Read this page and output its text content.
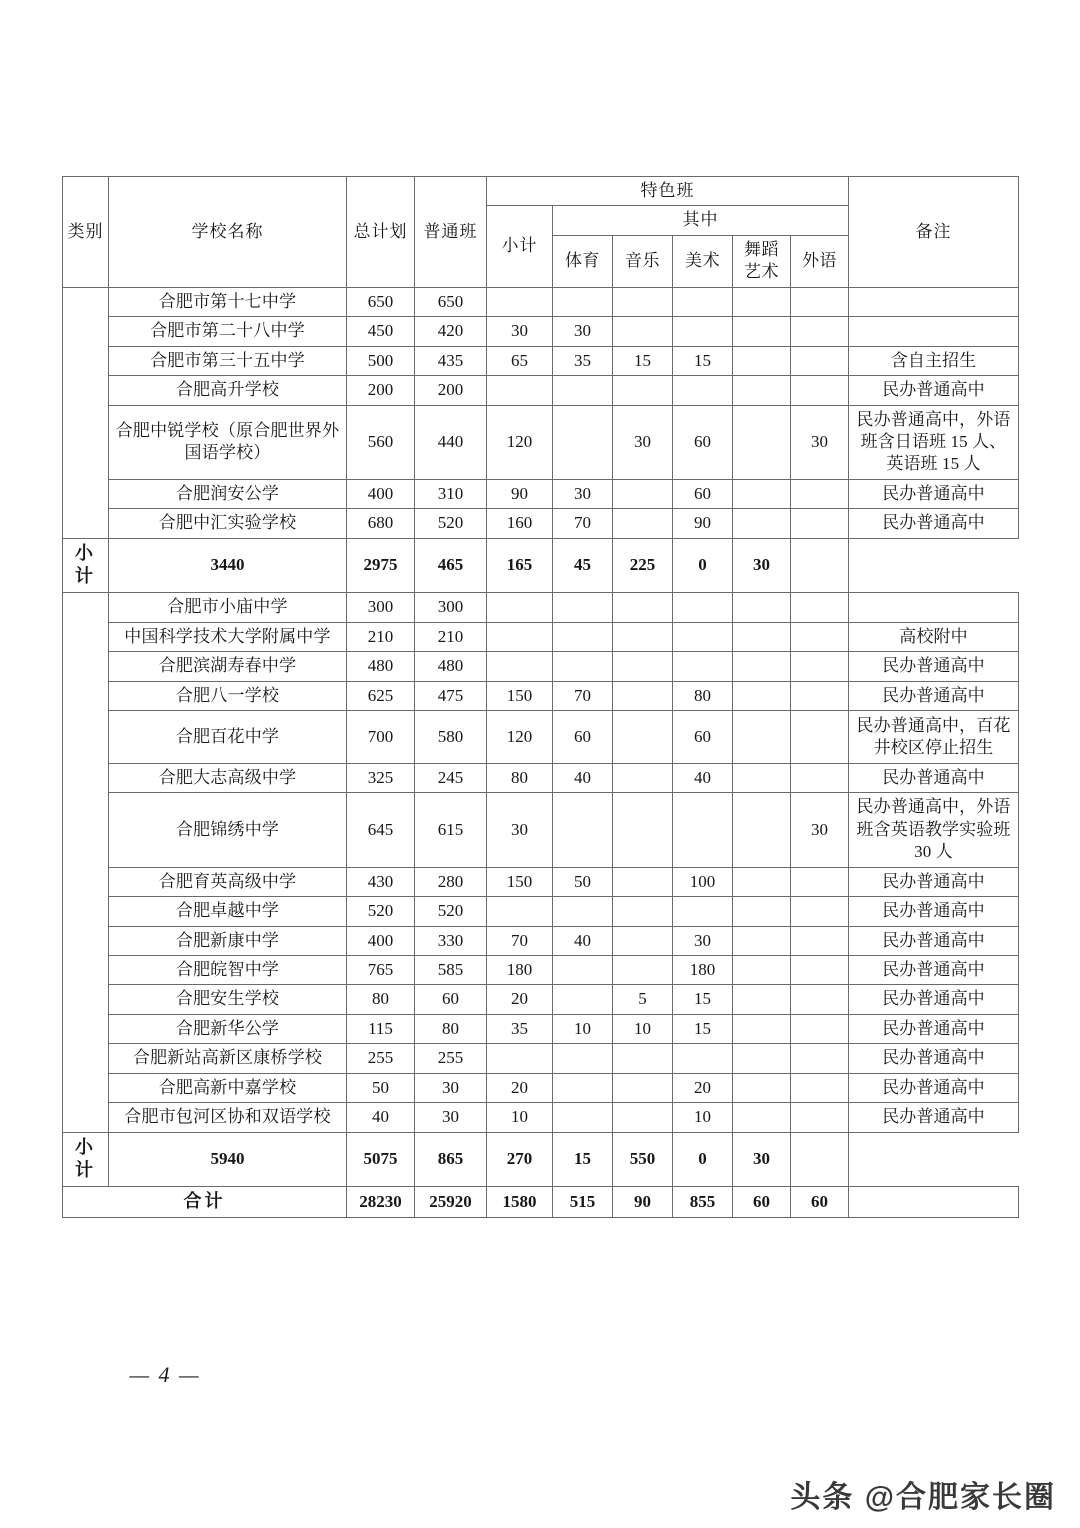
类别	学校名称	总计划	普通班	特色班						备注
				小计	其中					
					体育	音乐	美术	舞蹈艺术	外语	
	合肥市第十七中学	650	650							
	合肥市第二十八中学	450	420	30	30					
	合肥市第三十五中学	500	435	65	35	15	15			含自主招生
	合肥高升学校	200	200							民办普通高中
	合肥中锐学校（原合肥世界外国语学校）	560	440	120		30	60		30	民办普通高中，外语班含日语班 15 人、英语班 15 人
	合肥润安公学	400	310	90	30		60			民办普通高中
	合肥中汇实验学校	680	520	160	70		90			民办普通高中
小计	3440	2975	465	165	45	225	0	30		
	合肥市小庙中学	300	300							
	中国科学技术大学附属中学	210	210							高校附中
	合肥滨湖寿春中学	480	480							民办普通高中
	合肥八一学校	625	475	150	70		80			民办普通高中
	合肥百花中学	700	580	120	60		60			民办普通高中，百花井校区停止招生
	合肥大志高级中学	325	245	80	40		40			民办普通高中
	合肥锦绣中学	645	615	30					30	民办普通高中，外语班含英语教学实验班 30 人
	合肥育英高级中学	430	280	150	50		100			民办普通高中
	合肥卓越中学	520	520							民办普通高中
	合肥新康中学	400	330	70	40		30			民办普通高中
	合肥皖智中学	765	585	180			180			民办普通高中
	合肥安生学校	80	60	20		5	15			民办普通高中
	合肥新华公学	115	80	35	10	10	15			民办普通高中
	合肥新站高新区康桥学校	255	255							民办普通高中
	合肥高新中嘉学校	50	30	20			20			民办普通高中
	合肥市包河区协和双语学校	40	30	10			10			民办普通高中
小计	5940	5075	865	270	15	550	0	30		
合计		28230	25920	1580	515	90	855	60	60	
— 4 —
头条 @合肥家长圈
